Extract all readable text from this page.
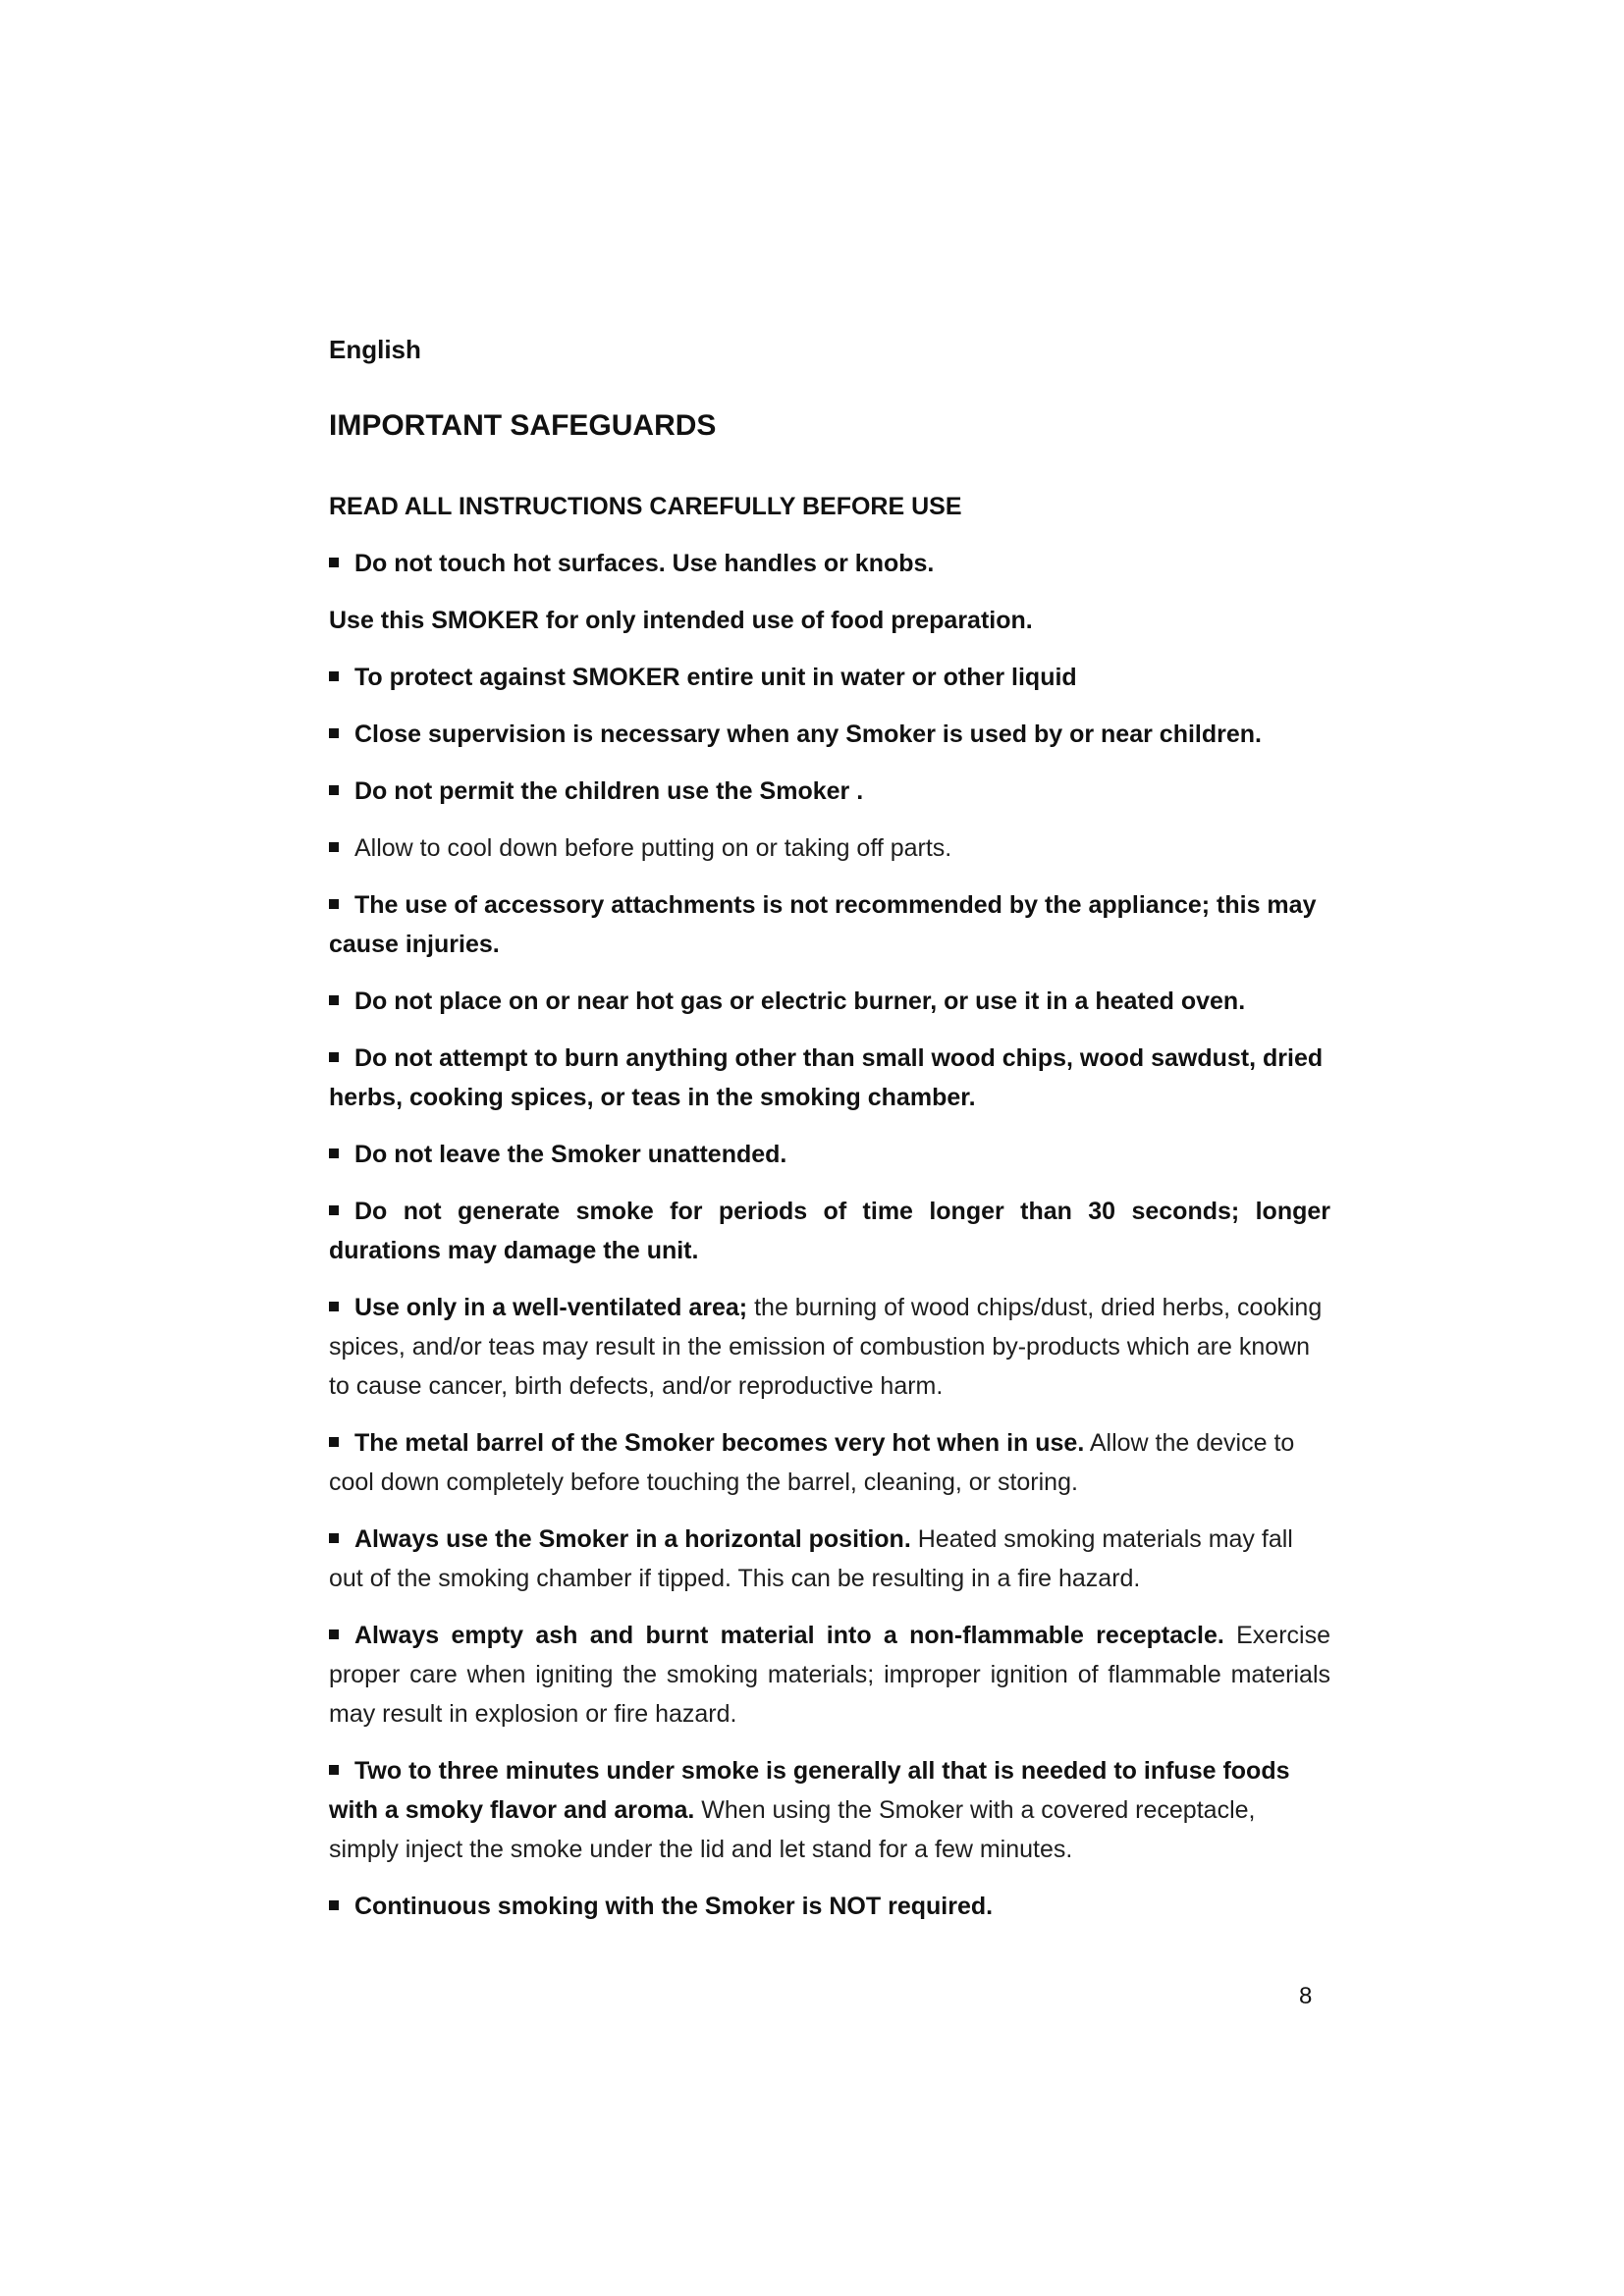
English
IMPORTANT SAFEGUARDS
READ ALL INSTRUCTIONS CAREFULLY BEFORE USE
Do not touch hot surfaces. Use handles or knobs.
Use this SMOKER for only intended use of food preparation.
To protect against SMOKER entire unit in water or other liquid
Close supervision is necessary when any Smoker is used by or near children.
Do not permit the children use the Smoker .
Allow to cool down before putting on or taking off parts.
The use of accessory attachments is not recommended by the appliance; this may cause injuries.
Do not place on or near hot gas or electric burner, or use it in a heated oven.
Do not attempt to burn anything other than small wood chips, wood sawdust, dried herbs, cooking spices, or teas in the smoking chamber.
Do not leave the Smoker unattended.
Do not generate smoke for periods of time longer than 30 seconds; longer durations may damage the unit.
Use only in a well-ventilated area; the burning of wood chips/dust, dried herbs, cooking spices, and/or teas may result in the emission of combustion by-products which are known to cause cancer, birth defects, and/or reproductive harm.
The metal barrel of the Smoker becomes very hot when in use. Allow the device to cool down completely before touching the barrel, cleaning, or storing.
Always use the Smoker in a horizontal position. Heated smoking materials may fall out of the smoking chamber if tipped. This can be resulting in a fire hazard.
Always empty ash and burnt material into a non-flammable receptacle. Exercise proper care when igniting the smoking materials; improper ignition of flammable materials may result in explosion or fire hazard.
Two to three minutes under smoke is generally all that is needed to infuse foods with a smoky flavor and aroma. When using the Smoker with a covered receptacle, simply inject the smoke under the lid and let stand for a few minutes.
Continuous smoking with the Smoker is NOT required.
8
